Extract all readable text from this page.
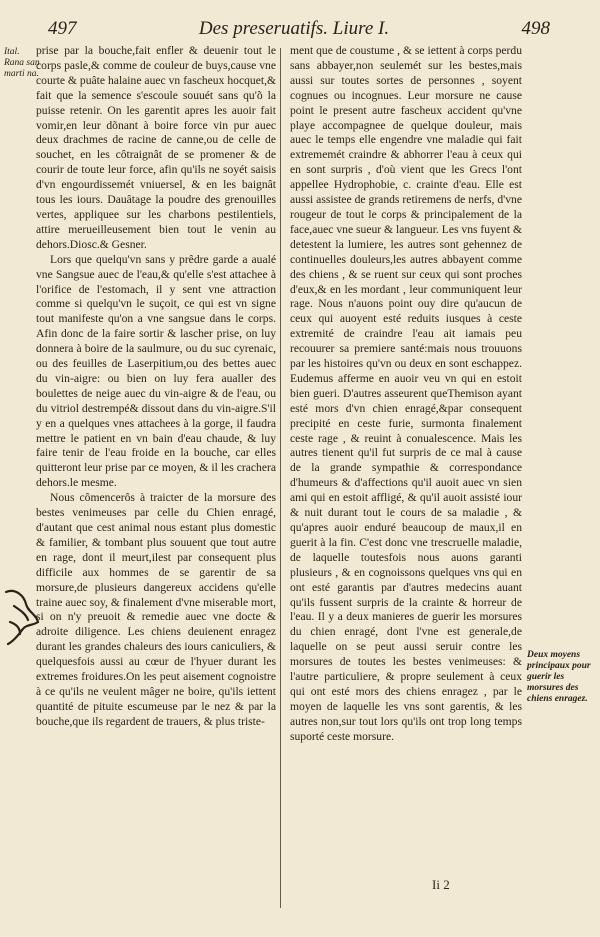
497	Des preseruatifs. Liure I.	498
Ital. Rana san marti na.

prise par la bouche,fait enfler & deuenir tout le corps pasle,& comme de couleur de buys,cause vne courte & puâte halaine auec vn fascheux hocquet,& fait que la semence s'escoule souuét sans qu'õ la puisse retenir. On les garentit apres les auoir fait vomir,en leur dõnant à boire force vin pur auec deux drachmes de racine de canne,ou de celle de souchet, en les côtraignât de se promener & de courir de toute leur force, afin qu'ils ne soyét saisis d'vn engourdissemét vniuersel, & en les baignât tous les iours. Dauâtage la poudre des grenouilles vertes, appliquee sur les charbons pestilentiels, attire merueilleusement bien tout le venin au dehors.Diosc.& Gesner.

Lors que quelqu'vn sans y prêdre garde a aualé vne Sangsue auec de l'eau,& qu'elle s'est attachee à l'orifice de l'estomach, il y sent vne attraction comme si quelqu'vn le suçoit, ce qui est vn signe tout manifeste qu'on a vne sangsue dans le corps. Afin donc de la faire sortir & lascher prise, on luy donnera à boire de la saulmure, ou du suc cyrenaic, ou des feuilles de Laserpitium,ou des bettes auec du vin-aigre: ou bien on luy fera aualler des boulettes de neige auec du vin-aigre & de l'eau, ou du vitriol destrempé& dissout dans du vin-aigre.S'il y en a quelques vnes attachees à la gorge, il faudra mettre le patient en vn bain d'eau chaude, & luy faire tenir de l'eau froide en la bouche, car elles quitteront leur prise par ce moyen, & il les crachera dehors.le mesme.

Nous cômencerôs à traicter de la morsure des bestes venimeuses par celle du Chien enragé, d'autant que cest animal nous estant plus domestic & familier, & tombant plus souuent que tout autre en rage, dont il meurt,ilest par consequent plus difficile aux hommes de se garentir de sa morsure,de plusieurs dangereux accidens qu'elle traine auec soy, & finalement d'vne miserable mort, si on n'y preuoit & remedie auec vne docte & adroite diligence. Les chiens deuienent enragez durant les grandes chaleurs des iours caniculiers, & quelquesfois aussi au cœur de l'hyuer durant les extremes froidures.On les peut aisement cognoistre à ce qu'ils ne veulent mâger ne boire, qu'ils iettent quantité de pituite escumeuse par le nez & par la bouche,que ils regardent de trauers, & plus triste-

ment que de coustume , & se iettent à corps perdu sans abbayer,non seulemét sur les bestes,mais aussi sur toutes sortes de personnes , soyent cognues ou incognues. Leur morsure ne cause point le present autre fascheux accident qu'vne playe accompagnee de quelque douleur, mais auec le temps elle engendre vne maladie qui fait extrememét craindre & abhorrer l'eau à ceux qui en sont surpris , d'où vient que les Grecs l'ont appellee Hydrophobie, c. crainte d'eau. Elle est aussi assistee de grands retiremens de nerfs, d'vne rougeur de tout le corps & principalement de la face,auec vne sueur & langueur. Les vns fuyent & detestent la lumiere, les autres sont gehennez de continuelles douleurs,les autres abbayent comme des chiens , & se ruent sur ceux qui sont proches d'eux,& en les mordant , leur communiquent leur rage. Nous n'auons point ouy dire qu'aucun de ceux qui auoyent esté reduits iusques à ceste extremité de craindre l'eau ait iamais peu recouurer sa premiere santé:mais nous trouuons par les histoires qu'vn ou deux en sont eschappez. Eudemus afferme en auoir veu vn qui en estoit bien gueri. D'autres asseurent queThemison ayant esté mors d'vn chien enragé,&par consequent precipité en ceste furie, surmonta finalement ceste rage , & reuint à conualescence. Mais les autres tienent qu'il fut surpris de ce mal à cause de la grande sympathie & correspondance d'humeurs & d'affections qu'il auoit auec vn sien ami qui en estoit affligé, & qu'il auoit assisté iour & nuit durant tout le cours de sa maladie , & qu'apres auoir enduré beaucoup de maux,il en guerit à la fin. C'est donc vne trescruelle maladie, de laquelle toutesfois nous auons garanti plusieurs , & en cognoissons quelques vns qui en ont esté garantis par d'autres medecins auant qu'ils fussent surpris de la crainte & horreur de l'eau. Il y a deux manieres de guerir les morsures du chien enragé, dont l'vne est generale,de laquelle on se peut aussi seruir contre les morsures de toutes les bestes venimeuses: & l'autre particuliere, & propre seulement à ceux qui ont esté mors des chiens enragez , par le moyen de laquelle les vns sont garentis, & les autres non,sur tout lors qu'ils ont trop long temps suporté ceste morsure.

Deux moyens principaux pour guerir les morsures des chiens enragez.
Ii 2
